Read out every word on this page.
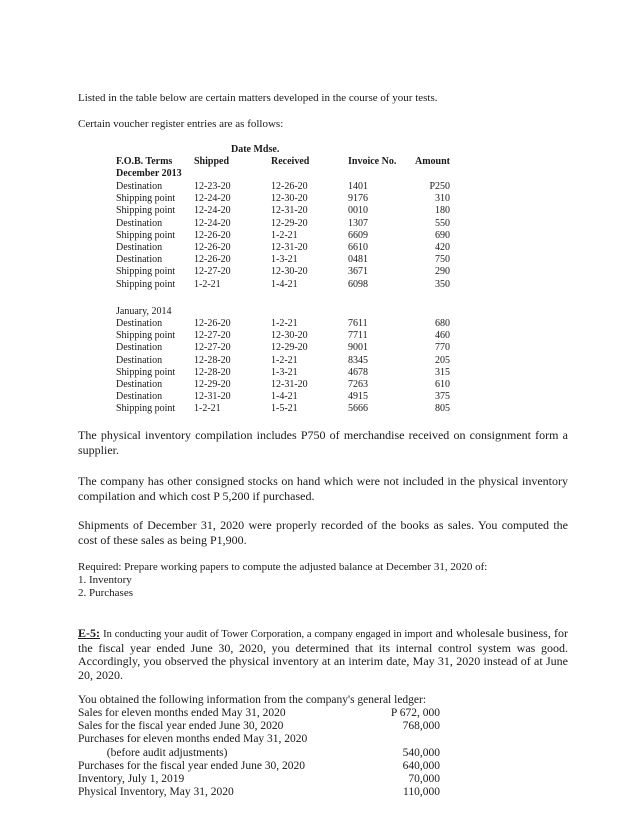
Listed in the table below are certain matters developed in the course of your tests.
Certain voucher register entries are as follows:
Date Mdse.
F.O.B. Terms Shipped	Received	Invoice No.	Amount
December 2013
Destination	12-23-20	12-26-20	1401	P250
Shipping point 12-24-20	12-30-20	9176	310
Shipping point 12-24-20	12-31-20	0010	180
Destination	12-24-20	12-29-20	1307	550
Shipping point 12-26-20	1-2-21	6609	690
Destination	12-26-20	12-31-20	6610	420
Destination	12-26-20	1-3-21	0481	750
Shipping point 12-27-20	12-30-20	3671	290
Shipping point 1-2-21	1-4-21	6098	350
January, 2014
Destination	12-26-20	1-2-21	7611	680
Shipping point 12-27-20	12-30-20	7711	460
Destination	12-27-20	12-29-20	9001	770
Destination	12-28-20	1-2-21	8345	205
Shipping point 12-28-20	1-3-21	4678	315
Destination	12-29-20	12-31-20	7263	610
Destination	12-31-20	1-4-21	4915	375
Shipping point 1-2-21	1-5-21	5666	805
The physical inventory compilation includes P750 of merchandise received on consignment form a supplier.
The company has other consigned stocks on hand which were not included in the physical inventory compilation and which cost P 5,200 if purchased.
Shipments of December 31, 2020 were properly recorded of the books as sales. You computed the cost of these sales as being P1,900.
Required: Prepare working papers to compute the adjusted balance at December 31, 2020 of:
1. Inventory
2. Purchases
E-5: In conducting your audit of Tower Corporation, a company engaged in import and wholesale business, for the fiscal year ended June 30, 2020, you determined that its internal control system was good. Accordingly, you observed the physical inventory at an interim date, May 31, 2020 instead of at June 20, 2020.
You obtained the following information from the company's general ledger:
Sales for eleven months ended May 31, 2020	P 672, 000
Sales for the fiscal year ended June 30, 2020	768,000
Purchases for eleven months ended May 31, 2020
(before audit adjustments)	540,000
Purchases for the fiscal year ended June 30, 2020	640,000
Inventory, July 1, 2019	70,000
Physical Inventory, May 31, 2020	110,000
